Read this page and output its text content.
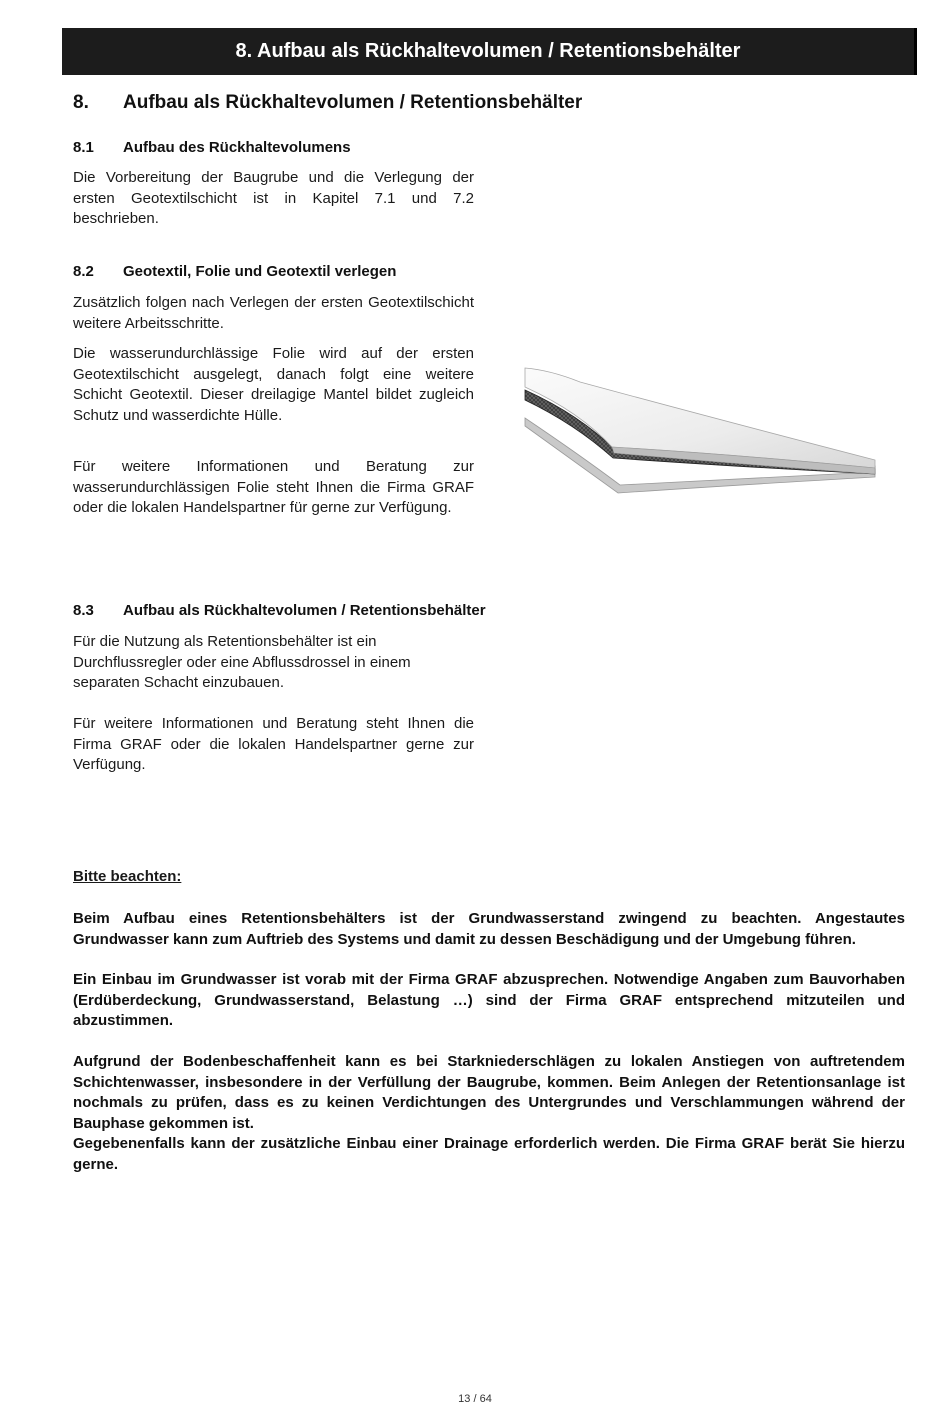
8. Aufbau als Rückhaltevolumen / Retentionsbehälter
8. Aufbau als Rückhaltevolumen / Retentionsbehälter
8.1 Aufbau des Rückhaltevolumens

Die Vorbereitung der Baugrube und die Verlegung der ersten Geotextilschicht ist in Kapitel 7.1 und 7.2 beschrieben.

8.2 Geotextil, Folie und Geotextil verlegen

Zusätzlich folgen nach Verlegen der ersten Geotextilschicht weitere Arbeitsschritte.

Die wasserundurchlässige Folie wird auf der ersten Geotextilschicht ausgelegt, danach folgt eine weitere Schicht Geotextil. Dieser dreilagige Mantel bildet zugleich Schutz und wasserdichte Hülle.

Für weitere Informationen und Beratung zur wasserundurchlässigen Folie steht Ihnen die Firma GRAF oder die lokalen Handelspartner für gerne zur Verfügung.

8.3 Aufbau als Rückhaltevolumen / Retentionsbehälter

Für die Nutzung als Retentionsbehälter ist ein Durchflussregler oder eine Abflussdrossel in einem separaten Schacht einzubauen.

Für weitere Informationen und Beratung steht Ihnen die Firma GRAF oder die lokalen Handelspartner gerne zur Verfügung.

Bitte beachten:

Beim Aufbau eines Retentionsbehälters ist der Grundwasserstand zwingend zu beachten. Angestautes Grundwasser kann zum Auftrieb des Systems und damit zu dessen Beschädigung und der Umgebung führen.

Ein Einbau im Grundwasser ist vorab mit der Firma GRAF abzusprechen. Notwendige Angaben zum Bauvorhaben (Erdüberdeckung, Grundwasserstand, Belastung …) sind der Firma GRAF entsprechend mitzuteilen und abzustimmen.

Aufgrund der Bodenbeschaffenheit kann es bei Starkniederschlägen zu lokalen Anstiegen von auftretendem Schichtenwasser, insbesondere in der Verfüllung der Baugrube, kommen. Beim Anlegen der Retentionsanlage ist nochmals zu prüfen, dass es zu keinen Verdichtungen des Untergrundes und Verschlammungen während der Bauphase gekommen ist.

Gegebenenfalls kann der zusätzliche Einbau einer Drainage erforderlich werden. Die Firma GRAF berät Sie hierzu gerne.

13 / 64
